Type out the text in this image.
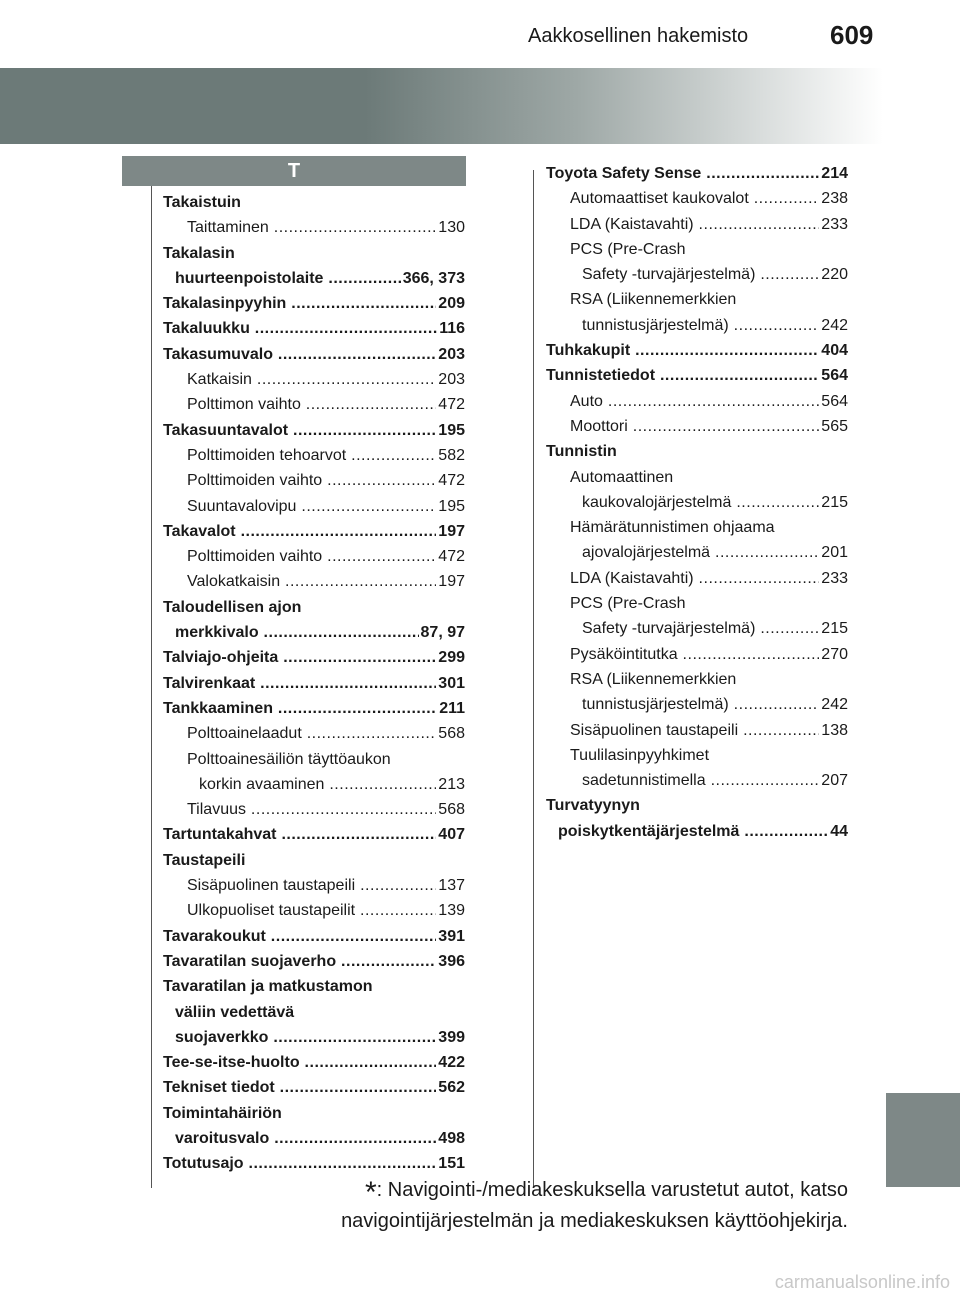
Aakkosellinen hakemisto	609
T
Takaistuin
Taittaminen .....	130
Takalasin
huurteenpoistolaite .....	366, 373
Takalasinpyyhin .....	209
Takaluukku .....	116
Takasumuvalo .....	203
Katkaisin .....	203
Polttimon vaihto .....	472
Takasuuntavalot .....	195
Polttimoiden tehoarvot .....	582
Polttimoiden vaihto .....	472
Suuntavalovipu .....	195
Takavalot .....	197
Polttimoiden vaihto .....	472
Valokatkaisin .....	197
Taloudellisen ajon
merkkivalo .....	87, 97
Talviajo-ohjeita .....	299
Talvirenkaat .....	301
Tankkaaminen .....	211
Polttoainelaadut .....	568
Polttoainesäiliön täyttöaukon
korkin avaaminen .....	213
Tilavuus .....	568
Tartuntakahvat .....	407
Taustapeili
Sisäpuolinen taustapeili .....	137
Ulkopuoliset taustapeilit .....	139
Tavarakoukut .....	391
Tavaratilan suojaverho .....	396
Tavaratilan ja matkustamon
väliin vedettävä
suojaverkko .....	399
Tee-se-itse-huolto .....	422
Tekniset tiedot .....	562
Toimintahäiriön
varoitusvalo .....	498
Totutusajo .....	151
Toyota Safety Sense .....	214
Automaattiset kaukovalot .....	238
LDA (Kaistavahti) .....	233
PCS (Pre-Crash
Safety -turvajärjestelmä) .....	220
RSA (Liikennemerkkien
tunnistusjärjestelmä) .....	242
Tuhkakupit .....	404
Tunnistetiedot .....	564
Auto .....	564
Moottori .....	565
Tunnistin
Automaattinen
kaukovalojärjestelmä .....	215
Hämärätunnistimen ohjaama
ajovalojärjestelmä .....	201
LDA (Kaistavahti) .....	233
PCS (Pre-Crash
Safety -turvajärjestelmä) .....	215
Pysäköintitutka .....	270
RSA (Liikennemerkkien
tunnistusjärjestelmä) .....	242
Sisäpuolinen taustapeili .....	138
Tuulilasinpyyhkimet
sadetunnistimella .....	207
Turvatyynyn
poiskytkentäjärjestelmä .....	44
*: Navigointi-/mediakeskuksella varustetut autot, katso
navigointijärjestelmän ja mediakeskuksen käyttöohjekirja.
carmanualsonline.info
